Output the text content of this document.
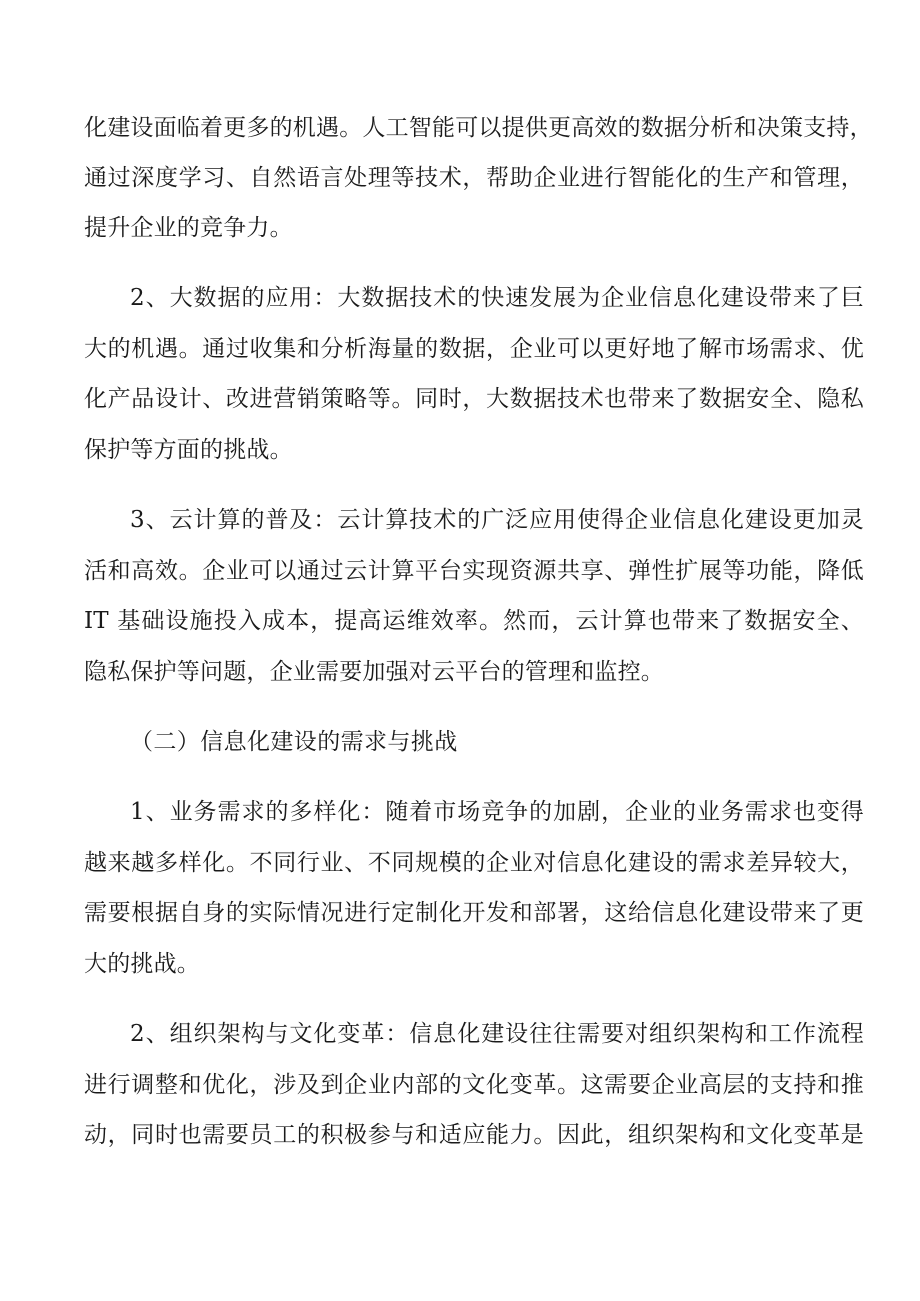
化建设面临着更多的机遇。人工智能可以提供更高效的数据分析和决策支持，
通过深度学习、自然语言处理等技术，帮助企业进行智能化的生产和管理，
提升企业的竞争力。
2、大数据的应用：大数据技术的快速发展为企业信息化建设带来了巨
大的机遇。通过收集和分析海量的数据，企业可以更好地了解市场需求、优
化产品设计、改进营销策略等。同时，大数据技术也带来了数据安全、隐私
保护等方面的挑战。
3、云计算的普及：云计算技术的广泛应用使得企业信息化建设更加灵
活和高效。企业可以通过云计算平台实现资源共享、弹性扩展等功能，降低
IT 基础设施投入成本，提高运维效率。然而，云计算也带来了数据安全、
隐私保护等问题，企业需要加强对云平台的管理和监控。
（二）信息化建设的需求与挑战
1、业务需求的多样化：随着市场竞争的加剧，企业的业务需求也变得
越来越多样化。不同行业、不同规模的企业对信息化建设的需求差异较大，
需要根据自身的实际情况进行定制化开发和部署，这给信息化建设带来了更
大的挑战。
2、组织架构与文化变革：信息化建设往往需要对组织架构和工作流程
进行调整和优化，涉及到企业内部的文化变革。这需要企业高层的支持和推
动，同时也需要员工的积极参与和适应能力。因此，组织架构和文化变革是
